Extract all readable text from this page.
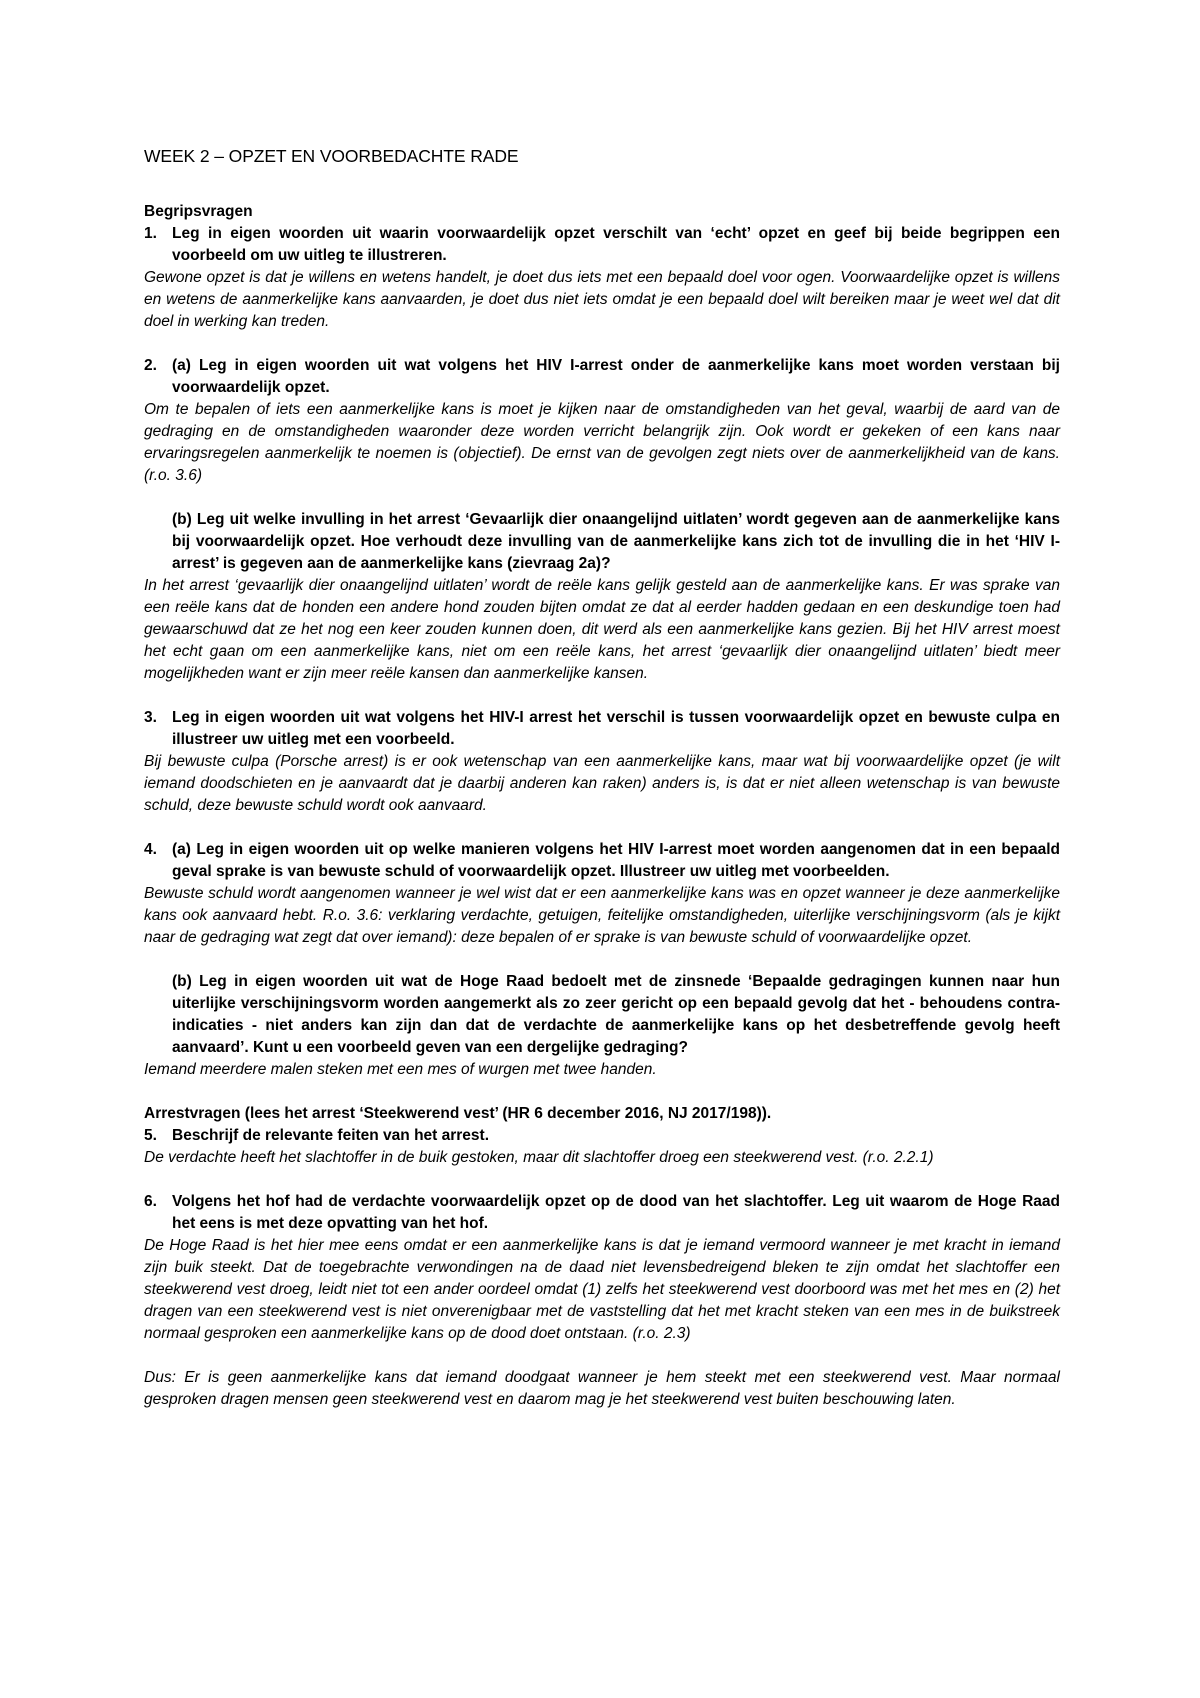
WEEK 2 – OPZET EN VOORBEDACHTE RADE

Begripsvragen

1. Leg in eigen woorden uit waarin voorwaardelijk opzet verschilt van ‘echt’ opzet en geef bij beide begrippen een voorbeeld om uw uitleg te illustreren.

Gewone opzet is dat je willens en wetens handelt, je doet dus iets met een bepaald doel voor ogen. Voorwaardelijke opzet is willens en wetens de aanmerkelijke kans aanvaarden, je doet dus niet iets omdat je een bepaald doel wilt bereiken maar je weet wel dat dit doel in werking kan treden.

2. (a) Leg in eigen woorden uit wat volgens het HIV I-arrest onder de aanmerkelijke kans moet worden verstaan bij voorwaardelijk opzet.

Om te bepalen of iets een aanmerkelijke kans is moet je kijken naar de omstandigheden van het geval, waarbij de aard van de gedraging en de omstandigheden waaronder deze worden verricht belangrijk zijn. Ook wordt er gekeken of een kans naar ervaringsregelen aanmerkelijk te noemen is (objectief). De ernst van de gevolgen zegt niets over de aanmerkelijkheid van de kans. (r.o. 3.6)

(b) Leg uit welke invulling in het arrest ‘Gevaarlijk dier onaangelijnd uitlaten’ wordt gegeven aan de aanmerkelijke kans bij voorwaardelijk opzet. Hoe verhoudt deze invulling van de aanmerkelijke kans zich tot de invulling die in het ‘HIV I-arrest’ is gegeven aan de aanmerkelijke kans (zievraag 2a)?

In het arrest ‘gevaarlijk dier onaangelijnd uitlaten’ wordt de reële kans gelijk gesteld aan de aanmerkelijke kans. Er was sprake van een reële kans dat de honden een andere hond zouden bijten omdat ze dat al eerder hadden gedaan en een deskundige toen had gewaarschuwd dat ze het nog een keer zouden kunnen doen, dit werd als een aanmerkelijke kans gezien. Bij het HIV arrest moest het echt gaan om een aanmerkelijke kans, niet om een reële kans, het arrest ‘gevaarlijk dier onaangelijnd uitlaten’ biedt meer mogelijkheden want er zijn meer reële kansen dan aanmerkelijke kansen.

3. Leg in eigen woorden uit wat volgens het HIV-I arrest het verschil is tussen voorwaardelijk opzet en bewuste culpa en illustreer uw uitleg met een voorbeeld.

Bij bewuste culpa (Porsche arrest) is er ook wetenschap van een aanmerkelijke kans, maar wat bij voorwaardelijke opzet (je wilt iemand doodschieten en je aanvaardt dat je daarbij anderen kan raken) anders is, is dat er niet alleen wetenschap is van bewuste schuld, deze bewuste schuld wordt ook aanvaard.

4. (a) Leg in eigen woorden uit op welke manieren volgens het HIV I-arrest moet worden aangenomen dat in een bepaald geval sprake is van bewuste schuld of voorwaardelijk opzet. Illustreer uw uitleg met voorbeelden.

Bewuste schuld wordt aangenomen wanneer je wel wist dat er een aanmerkelijke kans was en opzet wanneer je deze aanmerkelijke kans ook aanvaard hebt. R.o. 3.6: verklaring verdachte, getuigen, feitelijke omstandigheden, uiterlijke verschijningsvorm (als je kijkt naar de gedraging wat zegt dat over iemand): deze bepalen of er sprake is van bewuste schuld of voorwaardelijke opzet.

(b) Leg in eigen woorden uit wat de Hoge Raad bedoelt met de zinsnede ‘Bepaalde gedragingen kunnen naar hun uiterlijke verschijningsvorm worden aangemerkt als zo zeer gericht op een bepaald gevolg dat het - behoudens contra-indicaties - niet anders kan zijn dan dat de verdachte de aanmerkelijke kans op het desbetreffende gevolg heeft aanvaard’. Kunt u een voorbeeld geven van een dergelijke gedraging?

Iemand meerdere malen steken met een mes of wurgen met twee handen.

Arrestvragen (lees het arrest ‘Steekwerend vest’ (HR 6 december 2016, NJ 2017/198)).

5. Beschrijf de relevante feiten van het arrest.

De verdachte heeft het slachtoffer in de buik gestoken, maar dit slachtoffer droeg een steekwerend vest. (r.o. 2.2.1)

6. Volgens het hof had de verdachte voorwaardelijk opzet op de dood van het slachtoffer. Leg uit waarom de Hoge Raad het eens is met deze opvatting van het hof.

De Hoge Raad is het hier mee eens omdat er een aanmerkelijke kans is dat je iemand vermoord wanneer je met kracht in iemand zijn buik steekt. Dat de toegebrachte verwondingen na de daad niet levensbedreigend bleken te zijn omdat het slachtoffer een steekwerend vest droeg, leidt niet tot een ander oordeel omdat (1) zelfs het steekwerend vest doorboord was met het mes en (2) het dragen van een steekwerend vest is niet onverenigbaar met de vaststelling dat het met kracht steken van een mes in de buikstreek normaal gesproken een aanmerkelijke kans op de dood doet ontstaan. (r.o. 2.3)

Dus: Er is geen aanmerkelijke kans dat iemand doodgaat wanneer je hem steekt met een steekwerend vest. Maar normaal gesproken dragen mensen geen steekwerend vest en daarom mag je het steekwerend vest buiten beschouwing laten.
